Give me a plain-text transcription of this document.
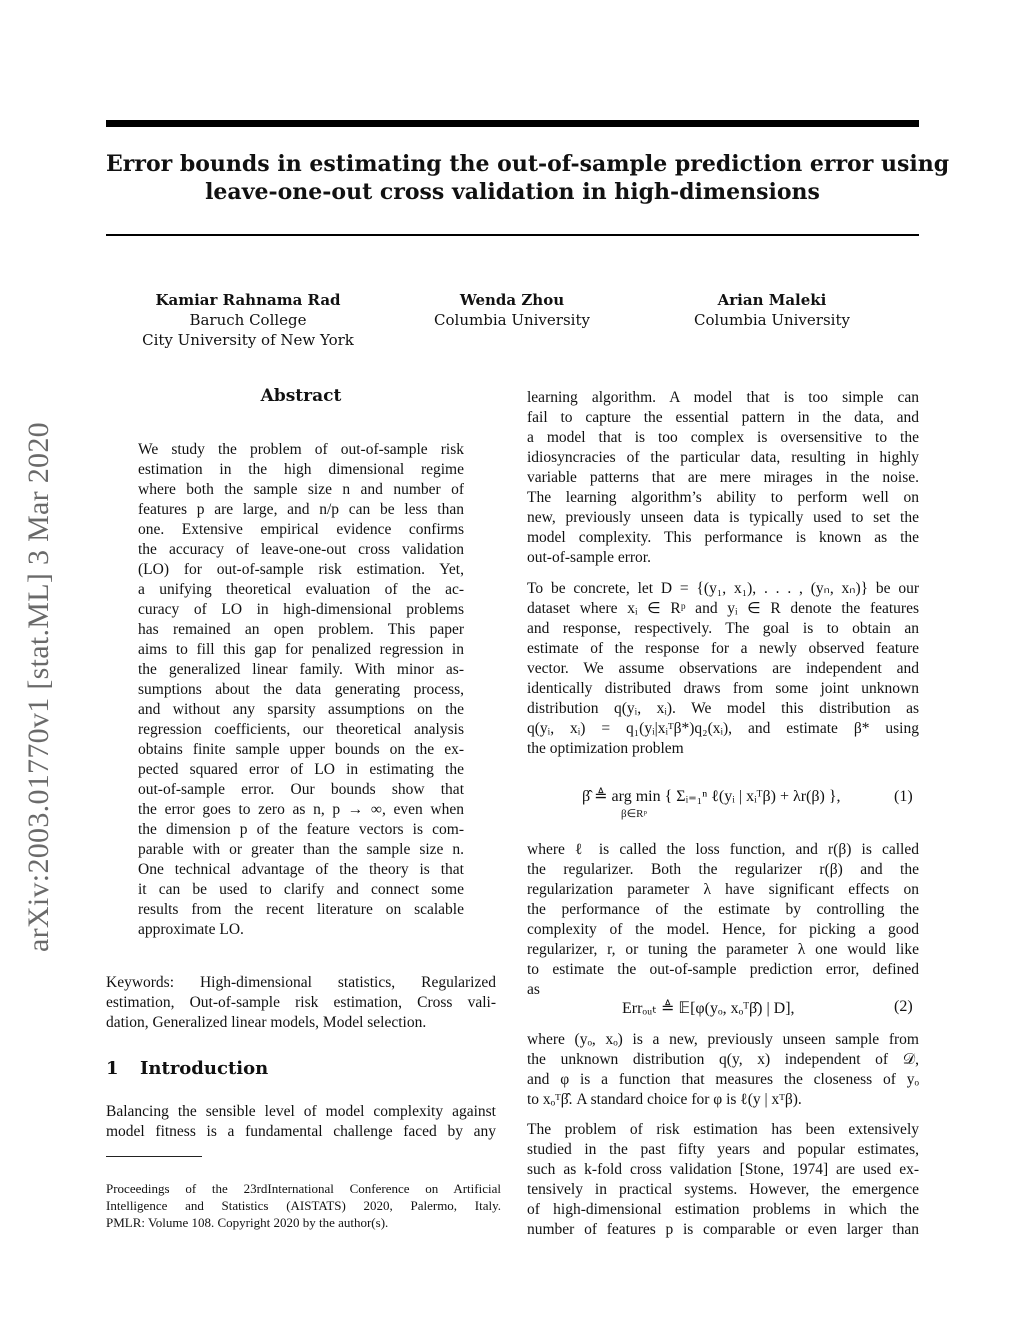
Error bounds in estimating the out-of-sample prediction error using
leave-one-out cross validation in high-dimensions
Kamiar Rahnama Rad
Baruch College
City University of New York
Wenda Zhou
Columbia University
Arian Maleki
Columbia University
arXiv:2003.01770v1 [stat.ML] 3 Mar 2020
Abstract
We study the problem of out-of-sample risk
estimation in the high dimensional regime
where both the sample size n and number of
features p are large, and n/p can be less than
one. Extensive empirical evidence confirms
the accuracy of leave-one-out cross validation
(LO) for out-of-sample risk estimation. Yet,
a unifying theoretical evaluation of the ac-
curacy of LO in high-dimensional problems
has remained an open problem. This paper
aims to fill this gap for penalized regression in
the generalized linear family. With minor as-
sumptions about the data generating process,
and without any sparsity assumptions on the
regression coefficients, our theoretical analysis
obtains finite sample upper bounds on the ex-
pected squared error of LO in estimating the
out-of-sample error. Our bounds show that
the error goes to zero as n, p → ∞, even when
the dimension p of the feature vectors is com-
parable with or greater than the sample size n.
One technical advantage of the theory is that
it can be used to clarify and connect some
results from the recent literature on scalable
approximate LO.
Keywords: High-dimensional statistics, Regularized
estimation, Out-of-sample risk estimation, Cross vali-
dation, Generalized linear models, Model selection.
1 Introduction
Balancing the sensible level of model complexity against
model fitness is a fundamental challenge faced by any
Proceedings of the 23rdInternational Conference on Artificial
Intelligence and Statistics (AISTATS) 2020, Palermo, Italy.
PMLR: Volume 108. Copyright 2020 by the author(s).
learning algorithm. A model that is too simple can
fail to capture the essential pattern in the data, and
a model that is too complex is oversensitive to the
idiosyncracies of the particular data, resulting in highly
variable patterns that are mere mirages in the noise.
The learning algorithm’s ability to perform well on
new, previously unseen data is typically used to set the
model complexity. This performance is known as the
out-of-sample error.
To be concrete, let D = {(y₁, x₁), . . . , (yₙ, xₙ)} be our
dataset where xᵢ ∈ Rᵖ and yᵢ ∈ R denote the features
and response, respectively. The goal is to obtain an
estimate of the response for a newly observed feature
vector. We assume observations are independent and
identically distributed draws from some joint unknown
distribution q(yᵢ, xᵢ). We model this distribution as
q(yᵢ, xᵢ) = q₁(yᵢ|xᵢᵀβ*)q₂(xᵢ), and estimate β* using
the optimization problem
β̂ ≜ arg min { Σᵢ₌₁ⁿ ℓ(yᵢ | xᵢᵀβ) + λr(β) },
β∈Rᵖ
(1)
where ℓ is called the loss function, and r(β) is called
the regularizer. Both the regularizer r(β) and the
regularization parameter λ have significant effects on
the performance of the estimate by controlling the
complexity of the model. Hence, for picking a good
regularizer, r, or tuning the parameter λ one would like
to estimate the out-of-sample prediction error, defined
as
Errₒᵤₜ ≜ 𝔼[φ(yₒ, xₒᵀβ̂) | D],	(2)
where (yₒ, xₒ) is a new, previously unseen sample from
the unknown distribution q(y, x) independent of 𝒟,
and φ is a function that measures the closeness of yₒ
to xₒᵀβ̂. A standard choice for φ is ℓ(y | xᵀβ).
The problem of risk estimation has been extensively
studied in the past fifty years and popular estimates,
such as k-fold cross validation [Stone, 1974] are used ex-
tensively in practical systems. However, the emergence
of high-dimensional estimation problems in which the
number of features p is comparable or even larger than
